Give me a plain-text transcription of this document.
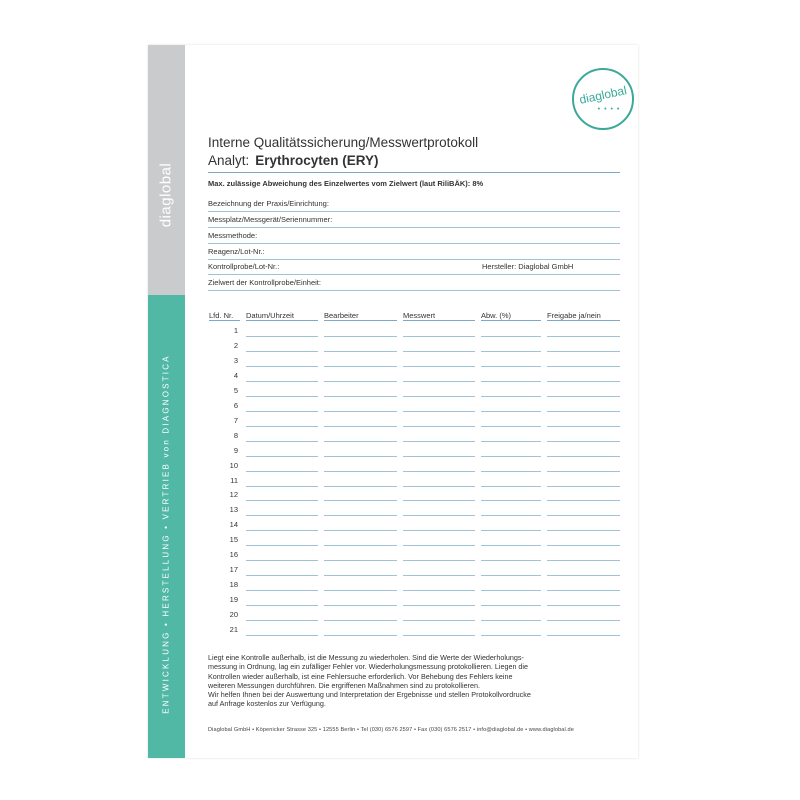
diaglobal
ENTWICKLUNG • HERSTELLUNG • VERTRIEB von DIAGNOSTICA
diaglobal
• • • •
Interne Qualitätssicherung/Messwertprotokoll
Analyt: Erythrocyten (ERY)
Max. zulässige Abweichung des Einzelwertes vom Zielwert (laut RiliBÄK): 8%
Bezeichnung der Praxis/Einrichtung:
Messplatz/Messgerät/Seriennummer:
Messmethode:
Reagenz/Lot-Nr.:
Kontrollprobe/Lot-Nr.:	Hersteller: Diaglobal GmbH
Zielwert der Kontrollprobe/Einheit:
Lfd. Nr. Datum/Uhrzeit	Bearbeiter	Messwert	Abw. (%)	Freigabe ja/nein
1
2
3
4
5
6
7
8
9
10
11
12
13
14
15
16
17
18
19
20
21
Liegt eine Kontrolle außerhalb, ist die Messung zu wiederholen. Sind die Werte der Wiederholungs-
messung in Ordnung, lag ein zufälliger Fehler vor. Wiederholungsmessung protokollieren. Liegen die
Kontrollen wieder außerhalb, ist eine Fehlersuche erforderlich. Vor Behebung des Fehlers keine
weiteren Messungen durchführen. Die ergriffenen Maßnahmen sind zu protokollieren.
Wir helfen Ihnen bei der Auswertung und Interpretation der Ergebnisse und stellen Protokollvordrucke
auf Anfrage kostenlos zur Verfügung.
Diaglobal GmbH • Köpenicker Strasse 325 • 12555 Berlin • Tel (030) 6576 2597 • Fax (030) 6576 2517 • info@diaglobal.de • www.diaglobal.de
